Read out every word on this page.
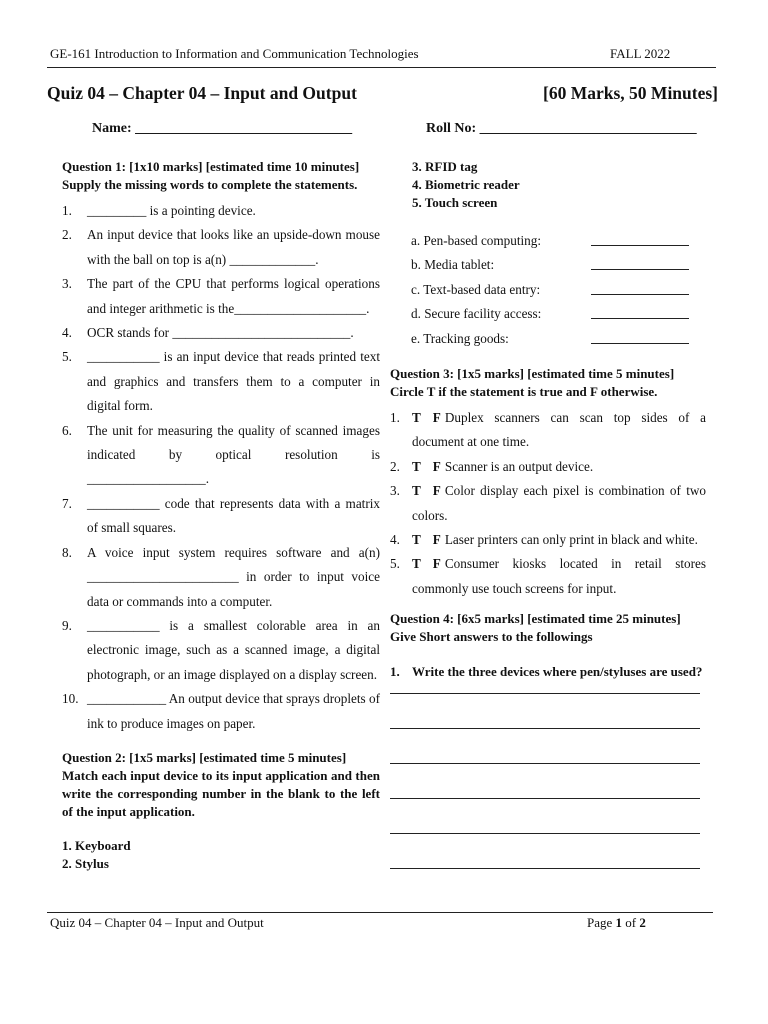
GE-161 Introduction to Information and Communication Technologies	FALL 2022
Quiz 04 – Chapter 04 – Input and Output	[60 Marks, 50 Minutes]
Name: _______________________________	Roll No: _______________________________
Question 1: [1x10 marks] [estimated time 10 minutes]
Supply the missing words to complete the statements.
1. _________ is a pointing device.
2. An input device that looks like an upside-down mouse with the ball on top is a(n) _____________.
3. The part of the CPU that performs logical operations and integer arithmetic is the____________________.
4. OCR stands for ___________________________.
5. ___________ is an input device that reads printed text and graphics and transfers them to a computer in digital form.
6. The unit for measuring the quality of scanned images indicated by optical resolution is __________________.
7. ___________ code that represents data with a matrix of small squares.
8. A voice input system requires software and a(n) _______________________ in order to input voice data or commands into a computer.
9. ___________ is a smallest colorable area in an electronic image, such as a scanned image, a digital photograph, or an image displayed on a display screen.
10. ____________ An output device that sprays droplets of ink to produce images on paper.
Question 2: [1x5 marks] [estimated time 5 minutes]
Match each input device to its input application and then write the corresponding number in the blank to the left of the input application.
1. Keyboard
2. Stylus
3. RFID tag
4. Biometric reader
5. Touch screen
a. Pen-based computing:
b. Media tablet:
c. Text-based data entry:
d. Secure facility access:
e. Tracking goods:
Question 3: [1x5 marks] [estimated time 5 minutes]
Circle T if the statement is true and F otherwise.
1. T F Duplex scanners can scan top sides of a document at one time.
2. T F Scanner is an output device.
3. T F Color display each pixel is combination of two colors.
4. T F Laser printers can only print in black and white.
5. T F Consumer kiosks located in retail stores commonly use touch screens for input.
Question 4: [6x5 marks] [estimated time 25 minutes]
Give Short answers to the followings
1. Write the three devices where pen/styluses are used?
Quiz 04 – Chapter 04 – Input and Output	Page 1 of 2
